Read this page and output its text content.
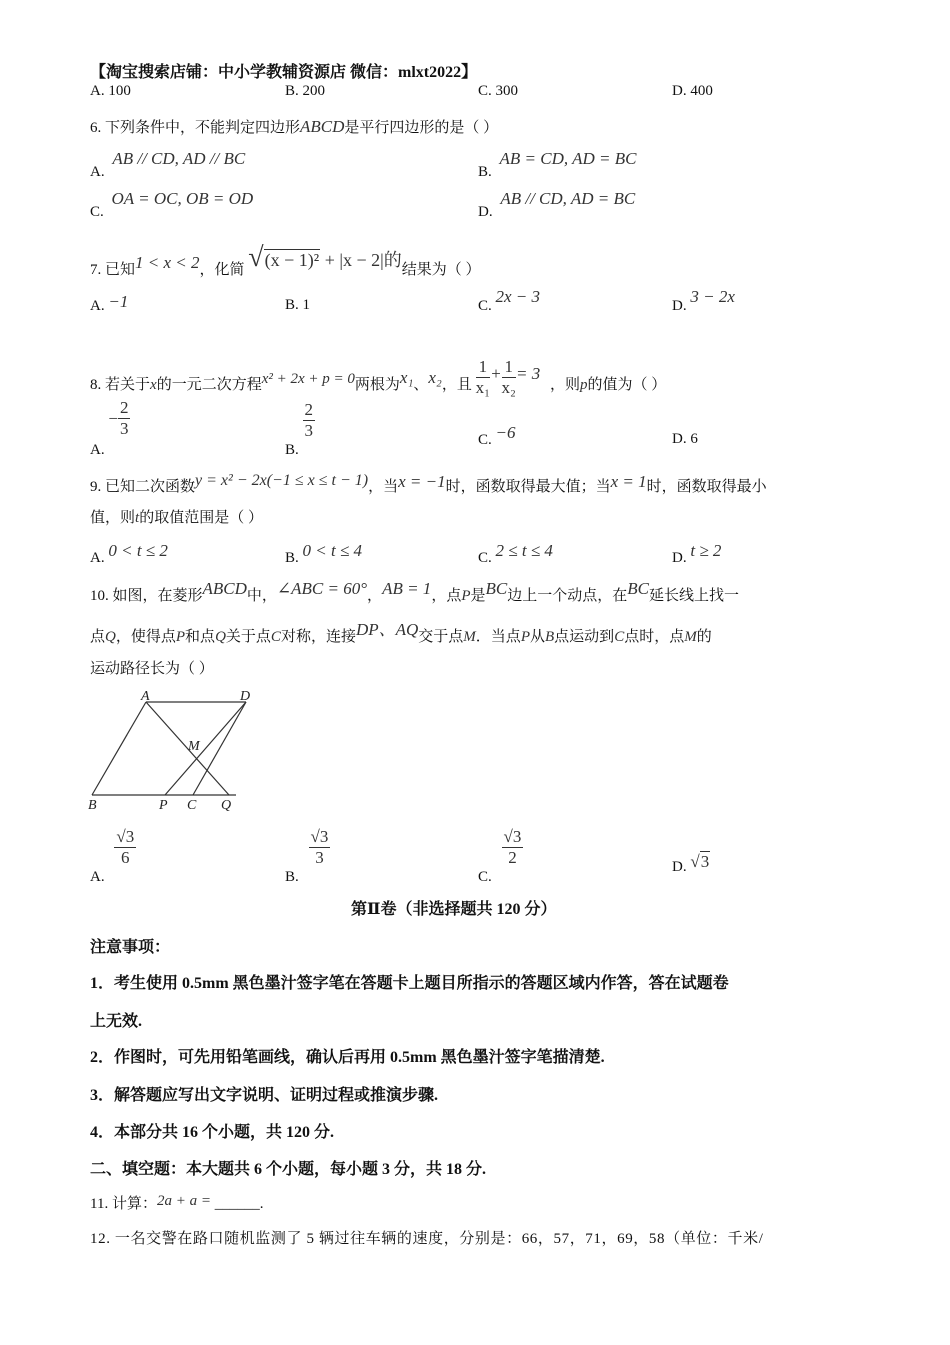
【淘宝搜索店铺：中小学教辅资源店 微信：mlxt2022】
A. 100	B. 200	C. 300	D. 400
6. 下列条件中，不能判定四边形ABCD是平行四边形的是（ ）
A. AB // CD, AD // BC
B. AB = CD, AD = BC
C. OA = OC, OB = OD
D. AB // CD, AD = BC
7. 已知1 < x < 2，化简 √(x − 1)² + |x − 2|的结果为（ ）
A. −1	B. 1	C. 2x − 3	D. 3 − 2x
8. 若关于x的一元二次方程x² + 2x + p = 0两根为x₁、x₂，且 $\frac{1}{\text{x₁}} + \frac{1}{\text{x₂}} = 3$ ，则p的值为（ ）
A. − $\frac{2}{3}$
B.
$\frac{2}{3}$	C. −6	D. 6
9. 已知二次函数y = x² − 2x(−1 ≤ x ≤ t − 1)，当x = −1时，函数取得最大值；当x = 1时，函数取得最小
值，则t的取值范围是（ ）
A. 0 < t ≤ 2	B. 0 < t ≤ 4	C. 2 ≤ t ≤ 4	D. t ≥ 2
10. 如图，在菱形ABCD中，∠ABC = 60°，AB = 1，点P是BC边上一个动点，在BC延长线上找一
点Q，使得点P和点Q关于点C对称，连接DP、AQ交于点M．当点P从B点运动到C点时，点M的
运动路径长为（ ）
A	D
M
B	P C Q
A.
$\frac{√3}{6}$
B.
$\frac{√3}{3}$
C.
$\frac{√3}{2}$	D. √3
第Ⅱ卷（非选择题共 120 分）
注意事项：
1．考生使用 0.5mm 黑色墨汁签字笔在答题卡上题目所指示的答题区域内作答，答在试题卷
上无效.
2．作图时，可先用铅笔画线，确认后再用 0.5mm 黑色墨汁签字笔描清楚.
3．解答题应写出文字说明、证明过程或推演步骤.
4．本部分共 16 个小题，共 120 分.
二、填空题：本大题共 6 个小题，每小题 3 分，共 18 分.
11. 计算：2a + a = ______.
12. 一名交警在路口随机监测了 5 辆过往车辆的速度，分别是：66，57，71，69，58（单位：千米/
